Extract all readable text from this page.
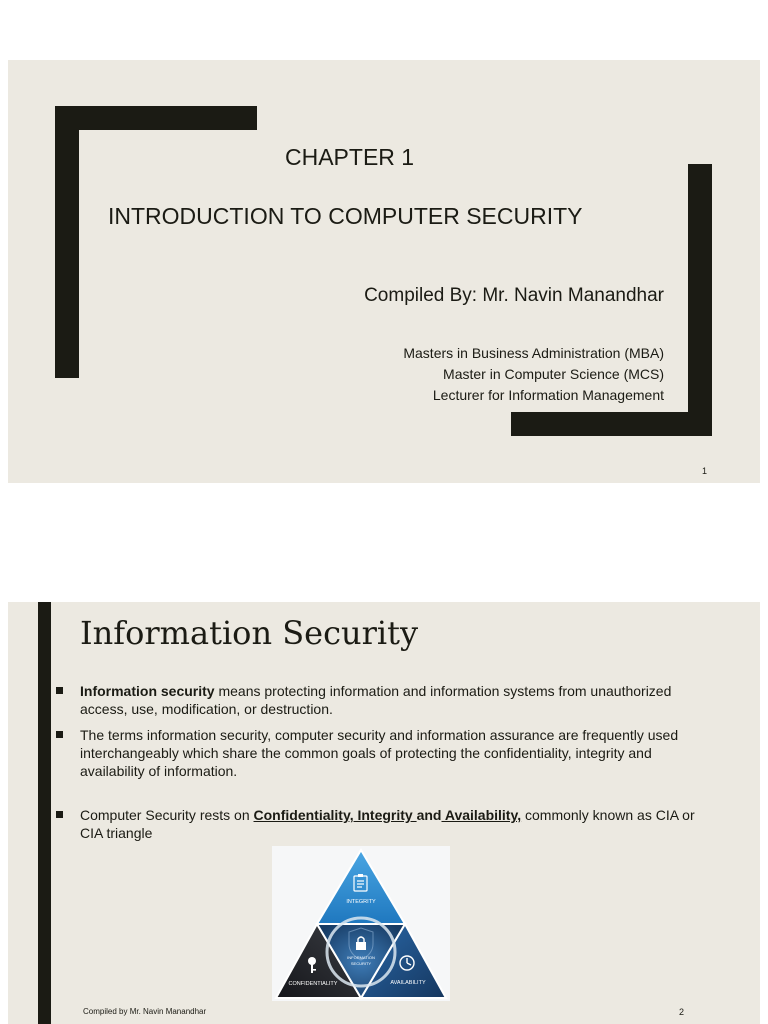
CHAPTER 1
INTRODUCTION TO COMPUTER SECURITY
Compiled By: Mr. Navin Manandhar
Masters in Business Administration (MBA)
Master in Computer Science (MCS)
Lecturer for Information Management
1
Information Security
Information security means protecting information and information systems from unauthorized access, use, modification, or destruction.
The terms information security, computer security and information assurance are frequently used interchangeably which share the common goals of protecting the confidentiality, integrity and availability of information.
Computer Security rests on Confidentiality, Integrity and Availability, commonly known as CIA or CIA triangle
INTEGRITY
INFORMATION
SECURITY
CONFIDENTIALITY	AVAILABILITY
Compiled by Mr. Navin Manandhar	2
